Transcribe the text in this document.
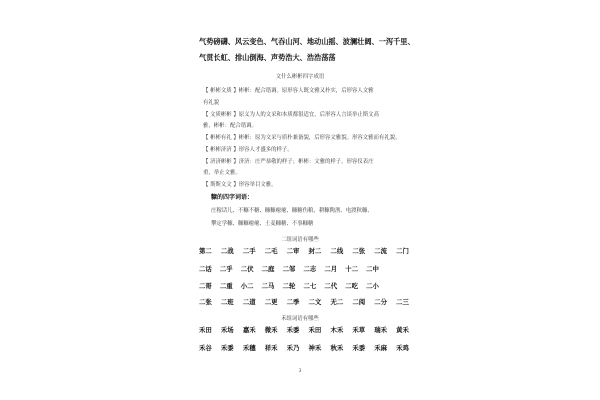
气势磅礴、风云变色、气吞山河、地动山摇、波澜壮阔、一泻千里、
气贯长虹、排山倒海、声势浩大、浩浩荡荡
文什么彬彬四字成语
【 彬彬文质 】彬彬：配合谐调。原形容人既文雅又朴实，后形容人文雅
有礼貌
【 文质彬彬 】原义为人的文采和本质都很适宜，后形容人言谈举止斯文高
雅，彬彬：配合谐调。
【 彬彬有礼 】彬彬：原为文采与质朴兼备貌，后形容文雅貌。形容文雅而有礼貌。
【 彬彬济济 】形容人才盛多的样子。
【 济济彬彬 】济济：庄严恭敬的样子；彬彬：文雅的样子。形容仪表庄
重，举止文雅。
【 斯斯文文 】形容举目文雅。
糠的四字词语：
庄稼话儿、不糠不糖、糠糠瘪瘪、糠糖伤粮、耕糠陶渔、电渡秋糠、
攀定学糠、糠糠瘪瘪、土麦糠糖、不事糠糖
二组词语有哪些
第二 二战 二手 二毛 二审 封二 二线 二张 二流 二门
二话 二乎 二伏 二庭 二邹 二志 二月 十二 二中
二哥 二重 小二 二马 二轮 二七 二代 二吃 二小
二张 二班 二道 二更 二季 二文 无二 二阅 二分 二三
禾组词语有哪些
禾田 禾场 嘉禾 微禾 禾黍 禾田 木禾 禾草 瑞禾 黄禾
禾谷 禾黍 禾穗 祥禾 禾乃 神禾 秋禾 禾黍 禾麻 禾鸡
3
